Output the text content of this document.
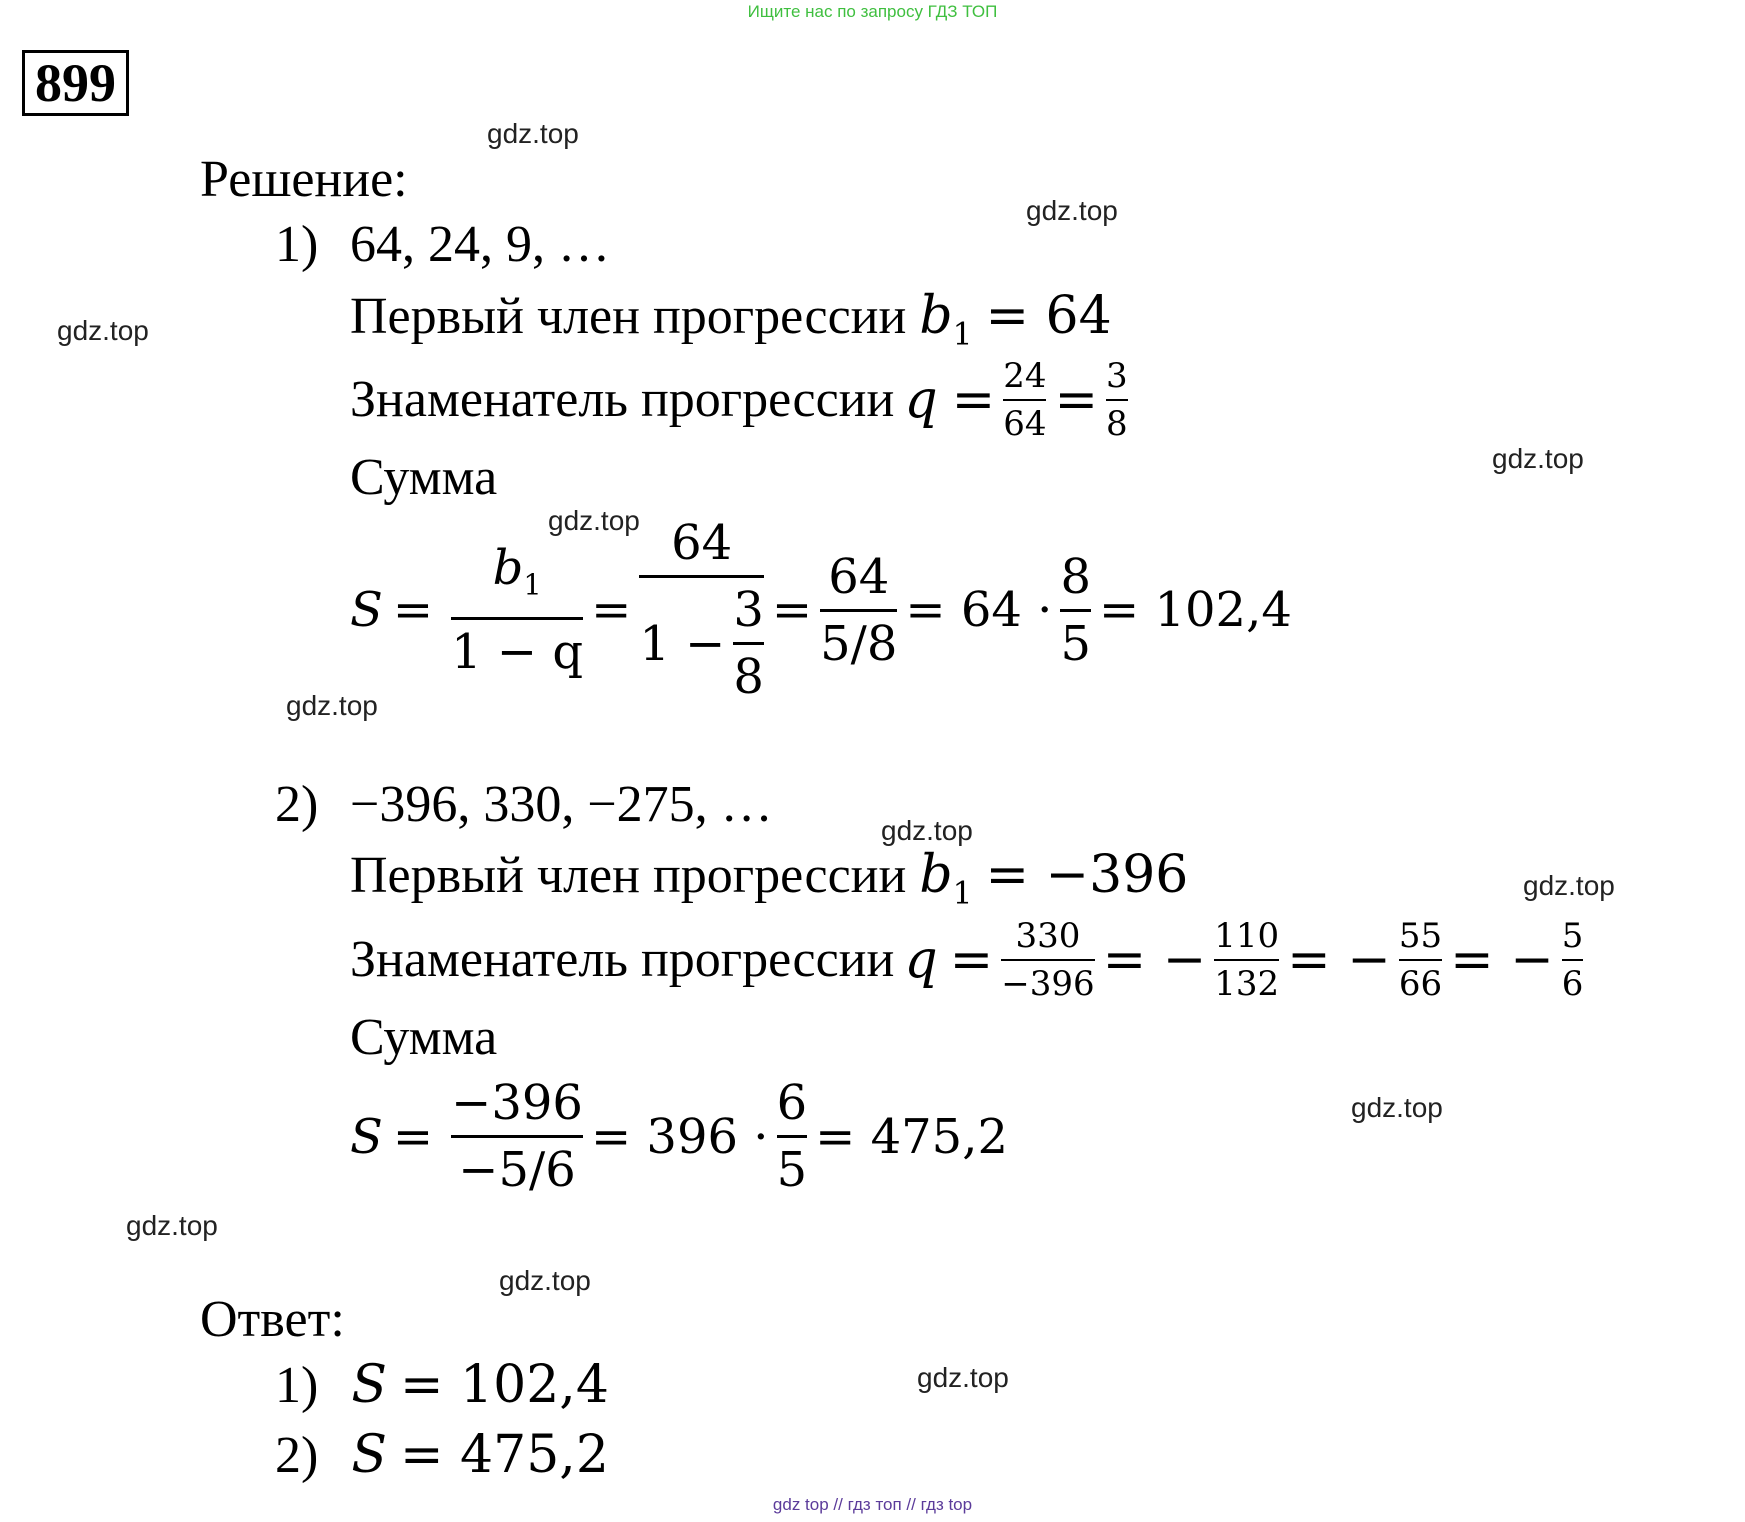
Ищите нас по запросу ГДЗ ТОП
899
Решение:
1) 64, 24, 9, …
Первый член прогрессии $b_1 = 64$
Знаменатель прогрессии $q = \frac{24}{64} = \frac{3}{8}$
Сумма
$S = \frac{b_1}{1 - q} = \frac{64}{1 - \frac{3}{8}} = \frac{64}{5/8} = 64 \cdot \frac{8}{5} = 102,4$
2) −396, 330, −275, …
Первый член прогрессии $b_1 = -396$
Знаменатель прогрессии $q = \frac{330}{-396}$ = − $\frac{110}{132}$ = − $\frac{55}{66}$ = − $\frac{5}{6}$
Сумма
$S = \frac{-396}{-5/6} = 396 \cdot \frac{6}{5} = 475,2$
Ответ:
1) S = 102,4
2) S = 475,2
gdz.top
gdz.top
gdz.top
gdz.top
gdz.top
gdz.top
gdz.top
gdz.top
gdz.top
gdz.top
gdz.top
gdz.top
gdz top // гдз топ // гдз top
